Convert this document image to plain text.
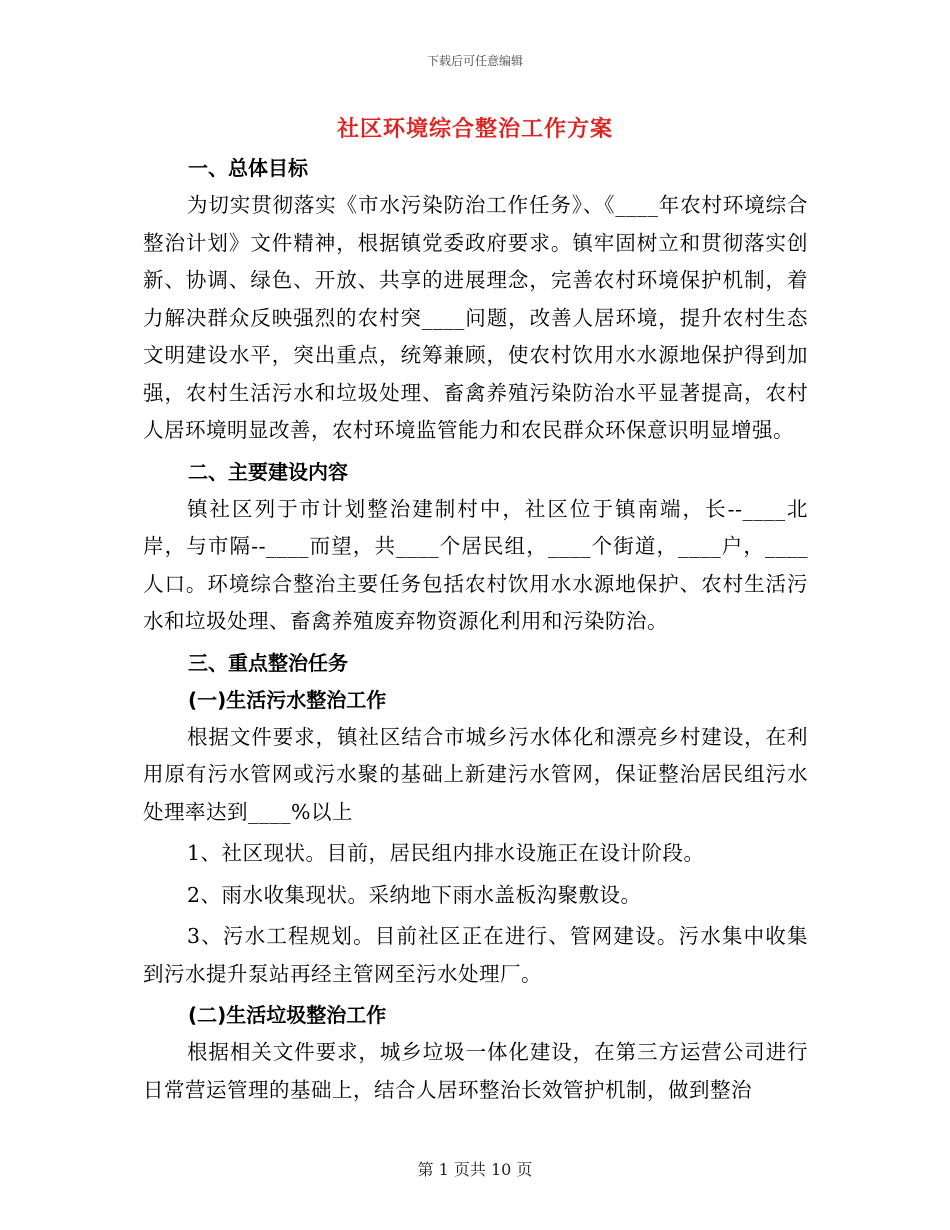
下载后可任意编辑
社区环境综合整治工作方案

一、总体目标

为切实贯彻落实《市水污染防治工作任务》、《____年农村环境综合整治计划》文件精神，根据镇党委政府要求。镇牢固树立和贯彻落实创新、协调、绿色、开放、共享的进展理念，完善农村环境保护机制，着力解决群众反映强烈的农村突____问题，改善人居环境，提升农村生态文明建设水平，突出重点，统筹兼顾，使农村饮用水水源地保护得到加强，农村生活污水和垃圾处理、畜禽养殖污染防治水平显著提高，农村人居环境明显改善，农村环境监管能力和农民群众环保意识明显增强。

二、主要建设内容

镇社区列于市计划整治建制村中，社区位于镇南端，长--____北岸，与市隔--____而望，共____个居民组，____个街道，____户，____人口。环境综合整治主要任务包括农村饮用水水源地保护、农村生活污水和垃圾处理、畜禽养殖废弃物资源化利用和污染防治。

三、重点整治任务

(一)生活污水整治工作

根据文件要求，镇社区结合市城乡污水体化和漂亮乡村建设，在利用原有污水管网或污水聚的基础上新建污水管网，保证整治居民组污水处理率达到____%以上

1、社区现状。目前，居民组内排水设施正在设计阶段。

2、雨水收集现状。采纳地下雨水盖板沟聚敷设。

3、污水工程规划。目前社区正在进行、管网建设。污水集中收集到污水提升泵站再经主管网至污水处理厂。

(二)生活垃圾整治工作

根据相关文件要求，城乡垃圾一体化建设，在第三方运营公司进行日常营运管理的基础上，结合人居环整治长效管护机制，做到整治

第 1 页共 10 页
